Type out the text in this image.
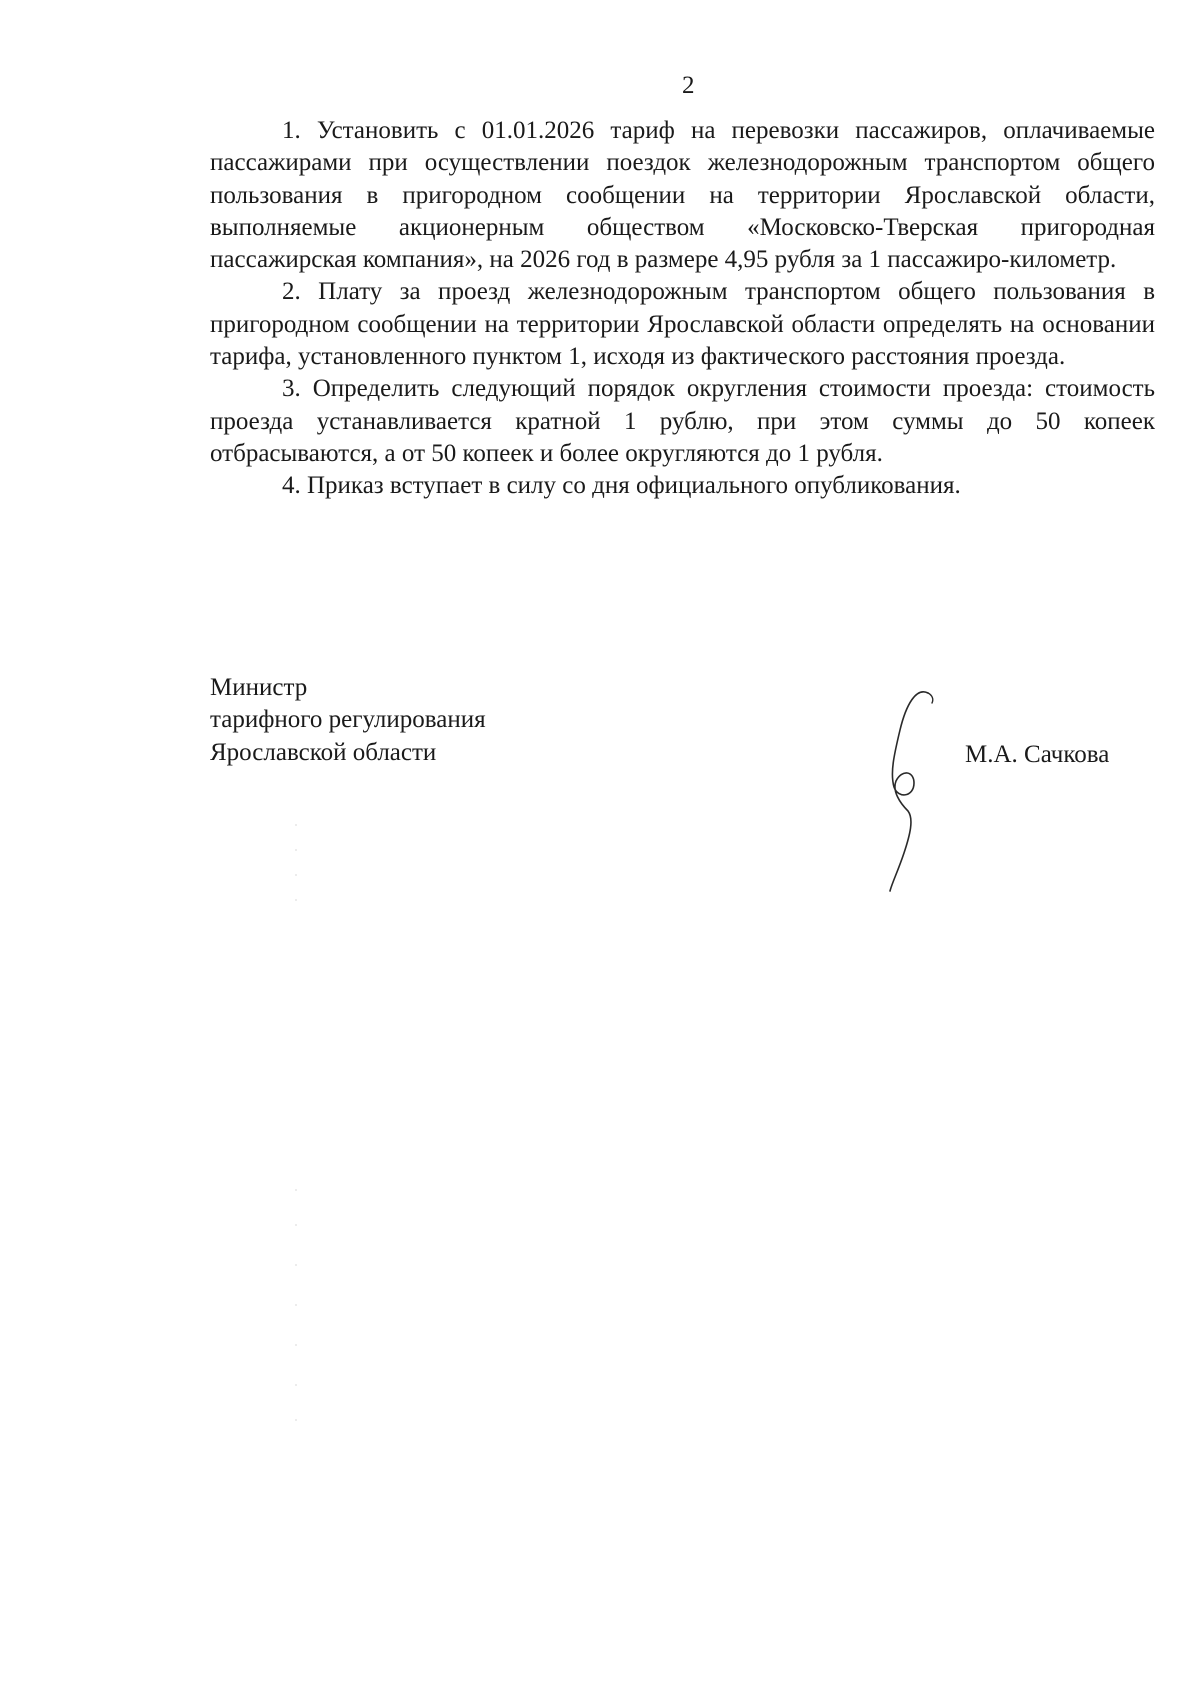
2

1. Установить с 01.01.2026 тариф на перевозки пассажиров, оплачиваемые пассажирами при осуществлении поездок железнодорожным транспортом общего пользования в пригородном сообщении на территории Ярославской области, выполняемые акционерным обществом «Московско-Тверская пригородная пассажирская компания», на 2026 год в размере 4,95 рубля за 1 пассажиро-километр.

2. Плату за проезд железнодорожным транспортом общего пользования в пригородном сообщении на территории Ярославской области определять на основании тарифа, установленного пунктом 1, исходя из фактического расстояния проезда.

3. Определить следующий порядок округления стоимости проезда: стоимость проезда устанавливается кратной 1 рублю, при этом суммы до 50 копеек отбрасываются, а от 50 копеек и более округляются до 1 рубля.

4. Приказ вступает в силу со дня официального опубликования.

Министр
тарифного регулирования
Ярославской области	М.А. Сачкова
